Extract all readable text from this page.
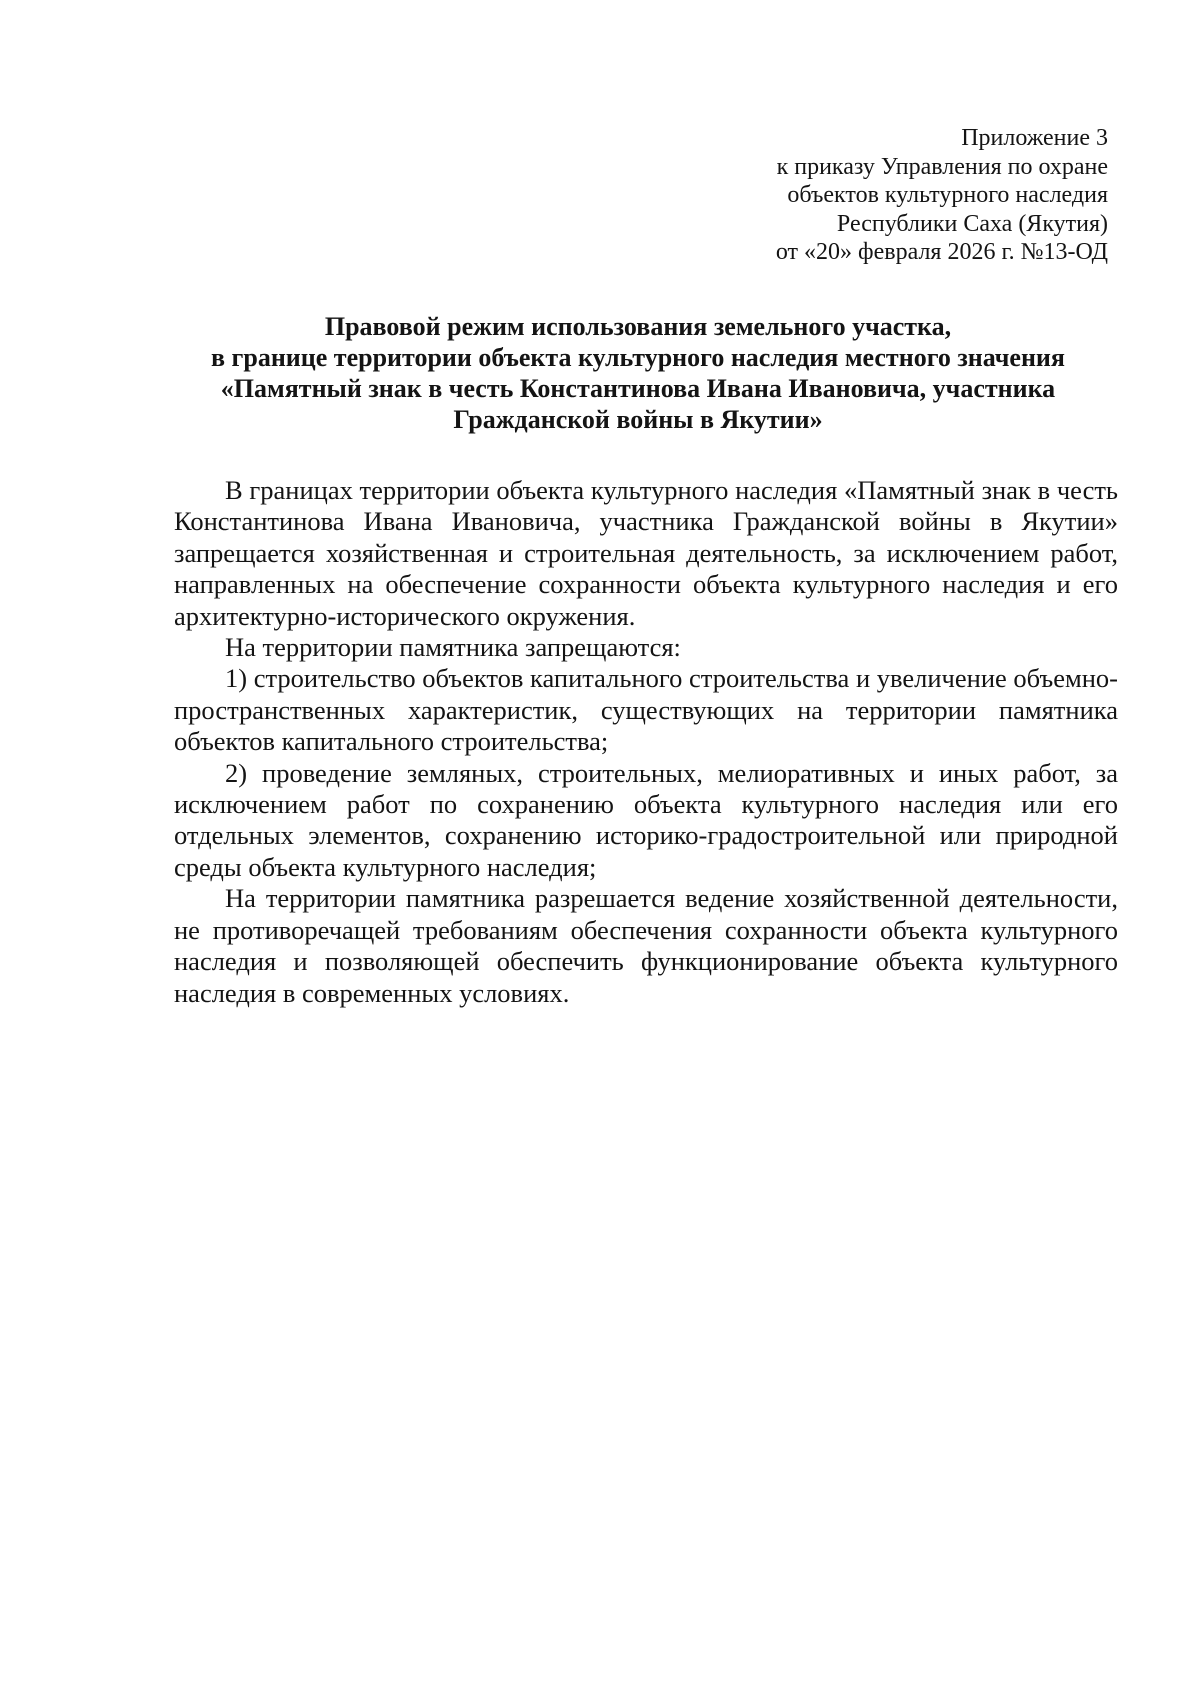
Приложение 3
к приказу Управления по охране
объектов культурного наследия
Республики Саха (Якутия)
от «20» февраля 2026 г. №13-ОД
Правовой режим использования земельного участка,
в границе территории объекта культурного наследия местного значения
«Памятный знак в честь Константинова Ивана Ивановича, участника
Гражданской войны в Якутии»

В границах территории объекта культурного наследия «Памятный знак в честь Константинова Ивана Ивановича, участника Гражданской войны в Якутии» запрещается хозяйственная и строительная деятельность, за исключением работ, направленных на обеспечение сохранности объекта культурного наследия и его архитектурно-исторического окружения.

На территории памятника запрещаются:

1) строительство объектов капитального строительства и увеличение объемно-пространственных характеристик, существующих на территории памятника объектов капитального строительства;

2) проведение земляных, строительных, мелиоративных и иных работ, за исключением работ по сохранению объекта культурного наследия или его отдельных элементов, сохранению историко-градостроительной или природной среды объекта культурного наследия;

На территории памятника разрешается ведение хозяйственной деятельности, не противоречащей требованиям обеспечения сохранности объекта культурного наследия и позволяющей обеспечить функционирование объекта культурного наследия в современных условиях.
